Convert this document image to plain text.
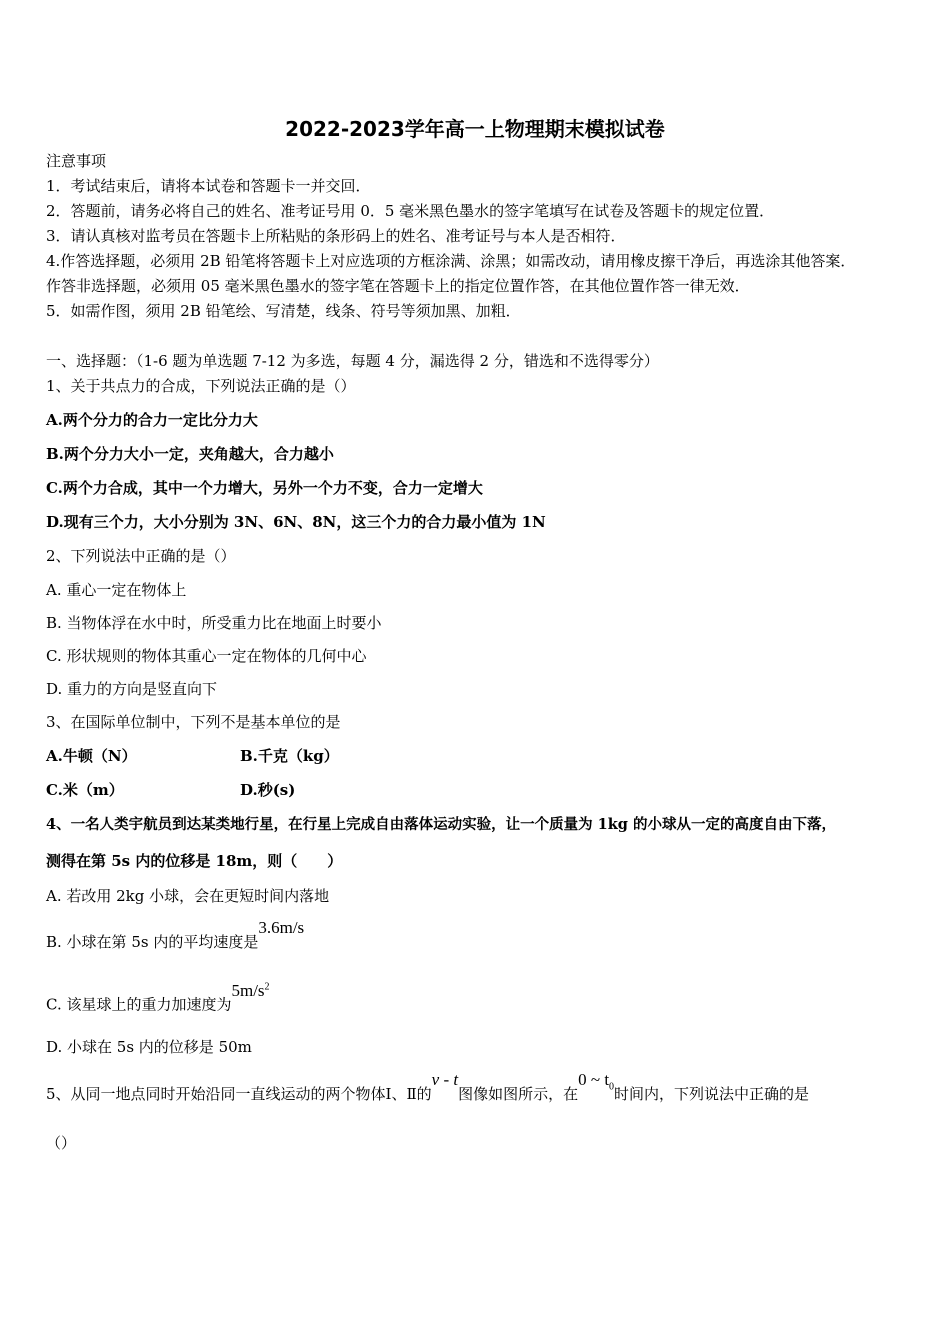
2022-2023学年高一上物理期末模拟试卷
注意事项
1．考试结束后，请将本试卷和答题卡一并交回．
2．答题前，请务必将自己的姓名、准考证号用 0．5 毫米黑色墨水的签字笔填写在试卷及答题卡的规定位置．
3．请认真核对监考员在答题卡上所粘贴的条形码上的姓名、准考证号与本人是否相符．
4.作答选择题，必须用 2B 铅笔将答题卡上对应选项的方框涂满、涂黑；如需改动，请用橡皮擦干净后，再选涂其他答案．
作答非选择题，必须用 05 毫米黑色墨水的签字笔在答题卡上的指定位置作答，在其他位置作答一律无效．
5．如需作图，须用 2B 铅笔绘、写清楚，线条、符号等须加黑、加粗．
一、选择题：（1-6 题为单选题 7-12 为多选，每题 4 分，漏选得 2 分，错选和不选得零分）
1、关于共点力的合成，下列说法正确的是（）
A.两个分力的合力一定比分力大
B.两个分力大小一定，夹角越大，合力越小
C.两个力合成，其中一个力增大，另外一个力不变，合力一定增大
D.现有三个力，大小分别为 3N、6N、8N，这三个力的合力最小值为 1N
2、下列说法中正确的是（）
A. 重心一定在物体上
B. 当物体浮在水中时，所受重力比在地面上时要小
C. 形状规则的物体其重心一定在物体的几何中心
D. 重力的方向是竖直向下
3、在国际单位制中，下列不是基本单位的是
A.牛顿（N）	B.千克（kg）
C.米（m）	D.秒(s)
4、一名人类宇航员到达某类地行星，在行星上完成自由落体运动实验，让一个质量为 1kg 的小球从一定的高度自由下落，
测得在第 5s 内的位移是 18m，则（　　）
A. 若改用 2kg 小球，会在更短时间内落地
B. 小球在第 5s 内的平均速度是3.6m/s
C. 该星球上的重力加速度为$5m/s^2$
D. 小球在 5s 内的位移是 50m
5、从同一地点同时开始沿同一直线运动的两个物体Ⅰ、Ⅱ的v - t图像如图所示，在0 ~ $t_0$时间内，下列说法中正确的是
（）
